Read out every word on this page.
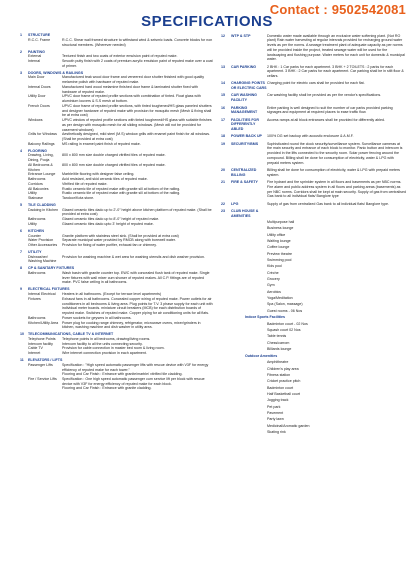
Contact : 9502542081
SPECIFICATIONS
1	STRUCTURE
R.C.C. Frame	R.C.C. Shear wall framed structure to withstand wind & seismic loads. Concrete blocks for non structural members. (Wherever needed)
2	PAINTING
External	Textured finish and two coats of exterior emulsion paint of reputed make.
Internal	Smooth putty finish with 2 coats of premium acrylic emulsion paint of reputed make over a coat of primer.
3	DOORS, WINDOWS & RAILINGS
Main Door	Manufactured teak wood door frame and veneered door shutter finished with good quality melamine polish with hardware of reputed make.
Internal Doors	Manufactured hard wood melamine finished door frame & laminated shutter fixed with hardware of reputed make.
Utility Door	UPVC door frame of reputed profile sections with combination of tinted. Float glass with aluminium louvers & S.S mesh at bottom.
French Doors	UPVC door frame of reputed profile sections, with tinted toughened/HS glass paneled shutters and designer hardware of reputed make with provision for mosquito mesh (Mesh & fixing shall be at extra cost)
Windows	UPVC window of reputed profile sections with tinted toughened/HS glass with suitable finishes as per design with mosquito mesh for all sliding windows. (Mesh will not be provided for casement windows)
Grills for Windows	Aesthetically designed, mild steel (M.S) window grills with enamel paint finish for all windows. (Shall be provided at extra cost)
Balcony Railings	MS railing in enamel paint finish of reputed make.
4	FLOORING
Drawing, Living, Dining, Pooja
800 x 800 mm size double charged vitrified tiles of reputed make.
All Bedrooms & Kitchen
800 x 800 mm size double charged vitrified tiles of reputed make.
Entrance Lounge	Marble/tile flooring with designer false ceiling.
Bathrooms	Acid resistant, anti skid ceramic tiles of reputed make.
Corridors	Vitrified tile of reputed make.
All Balconies	Rustic ceramic tile of reputed make with granite sill at bottom of the railing.
Utility	Rustic ceramic tile of reputed make with granite sill at bottom of the railing.
Staircase	Tandoor/Kota stone.
5	TILE CLADDING
Dadoing in Kitchen	Glazed ceramic tiles dado up to 2'-0" height above kitchen platform of reputed make. (Shall be provided at extra cost)
Bathrooms	Glazed ceramic tiles dado up to 8'-0" height of reputed make.
Utility	Glazed ceramic tiles dado upto 3' height of reputed make.
6	KITCHEN
Counter	Granite platform with stainless steel sink. (Shall be provided at extra cost)
Water Provision	Separate municipal water provided by RMCB along with borewell water.
Other Accessories	Provision for fixing of water purifier, exhaust fan or chimney.
7	UTILITY
Dishwasher/ Washing Machine
Provision for washing machine & wet area for washing utensils and dish washer provision.
8	CP & SANITARY FIXTURES
Bathrooms	Wash basin with granite counter top. EWC with concealed flush tank of reputed make. Single lever fixtures with wall mixer cum shower of reputed makes. All C.P. fittings are of reputed make. PVC false ceiling in all bathrooms.
9	ELECTRICAL FIXTURES
Internal Electrical	Heaters in all bathrooms. (Except for terrace level apartments)
Fixtures	Exhaust fans in all bathrooms. Concealed copper wiring of reputed make. Power outlets for air conditioners in all bedrooms & living area. Plug points for T.V. 3 phase supply for each unit with individual meter boards. miniature circuit breakers (MCB) for each distribution boards of reputed make. Switches of reputed make. Copper piping for air conditioning units for all flats.
Bathrooms	Power sockets for geysers in all bathrooms.
Kitchen/Utility Area	Power plug for cooking range chimney, refrigerator, microwave ovens, mixer/grinders in kitchen, washing machine and dish washer in utility area.
10	TELECOMMUNICATIONS, CABLE TV & INTERNET
Telephone Points	Telephone points in all bedrooms, drawing/living rooms.
Intercom facility	Intercom facility to all the units connecting security.
Cable TV	Provision for cable connection in master bed room & living room.
Internet	Wire internet connection provision in each apartment.
11	ELEVATORS / LIFTS
Passenger Lifts	Specification : "High speed automatic passenger lifts with rescue device with V3F for energy efficiency of reputed make for each tower."
Flooring and Car Finish : Entrance with granite/marble/ vitrified tile cladding.
Fire / Service Lifts	Specification : One high speed automatic passenger cum service lift per block with rescue device with V3F for energy efficiency of reputed make for each block.
Flooring and Car Finish : Entrance with granite cladding.
12	WTP & STP	Domestic water made available through an exclusive water softening plant. (Not RO plant) Rain water harvesting at regular intervals provided for recharging ground water levels as per the norms. A sewage treatment plant of adequate capacity as per norms will be provided inside the project, treated sewage water will be used for the landscaping and flushing purpose. Water meters for each unit for domestic & municipal water.
13	CAR PARKING	2 BHK : 1 Car parks for each apartment. 3 BHK + 2 TOILETS : 2 parks for each apartment. 3 BHK : 2 Car parks for each apartment. Car parking shall be in stilt floor & cellars.
14	CHARGING POINTS OR ELECTRIC CARS
Charging point for electric cars shall be provided for each flat.
15	CAR WASHING FACILITY
Car washing facility shall be provided as per the vendor's specifications.
16	PARKING MANAGEMENT
Entire parking is well designed to suit the number of car parks provided parking signages and equipment at required places to ease traffic flow.
17	FACILITIES FOR DIFFERENTLY ABLED
Access ramps at all block entrances shall be provided for differently abled.
18	POWER BACK UP	100% DG set backup with acoustic enclosure & A.M.F.
19	SECURITY/BMS	Sophisticated round the clock security/surveillance system. Surveillance cameras at the main security and entrance of each block to monitor. Panic button and intercom is provided in the lifts connected to the security room. Solar power fencing around the compound. Billing shall be done for consumption of electricity, water & LPG with prepaid meters system.
20	CENTRALIZED BILLING
Billing shall be done for consumption of electricity, water & LPG with prepaid meters system.
21	FIRE & SAFETY	Fire hydrant and fire sprinkler system in all floors and basements as per NBC norms. Fire alarm and public address system in all floors and parking areas (basements) as per NBC norms. Corridors shall be kept at main security. Supply of gas from centralised Gas bank to all individual flats/ Banglore type
22	LPG	Supply of gas from centralized Gas bank to all individual flats/ Banglore type.
23	CLUB HOUSE & AMENITIES
Multipurpose hall
Business lounge
Utility office
Waiting lounge
Coffee lounge
Preview theatre
Swimming pool
Kids pool
Crèche
Grocery
Gym
Aerobics
Yoga/Meditation
Spa (Salon, massage)
Guest rooms - 06 Nos
Indoor Sports Facilities
Badminton court - 02 Nos
Squash court 02 Nos
Table tennis
Chess/carrom
Billiards lounge
Outdoor Amenities
Amphitheatre
Children's play area
Fitness station
Cricket practice pitch
Badminton court
Half Basketball court
Jogging track
Pet park
Pavement
Party lawn
Medicinal/Aromatic garden
Skating rink
